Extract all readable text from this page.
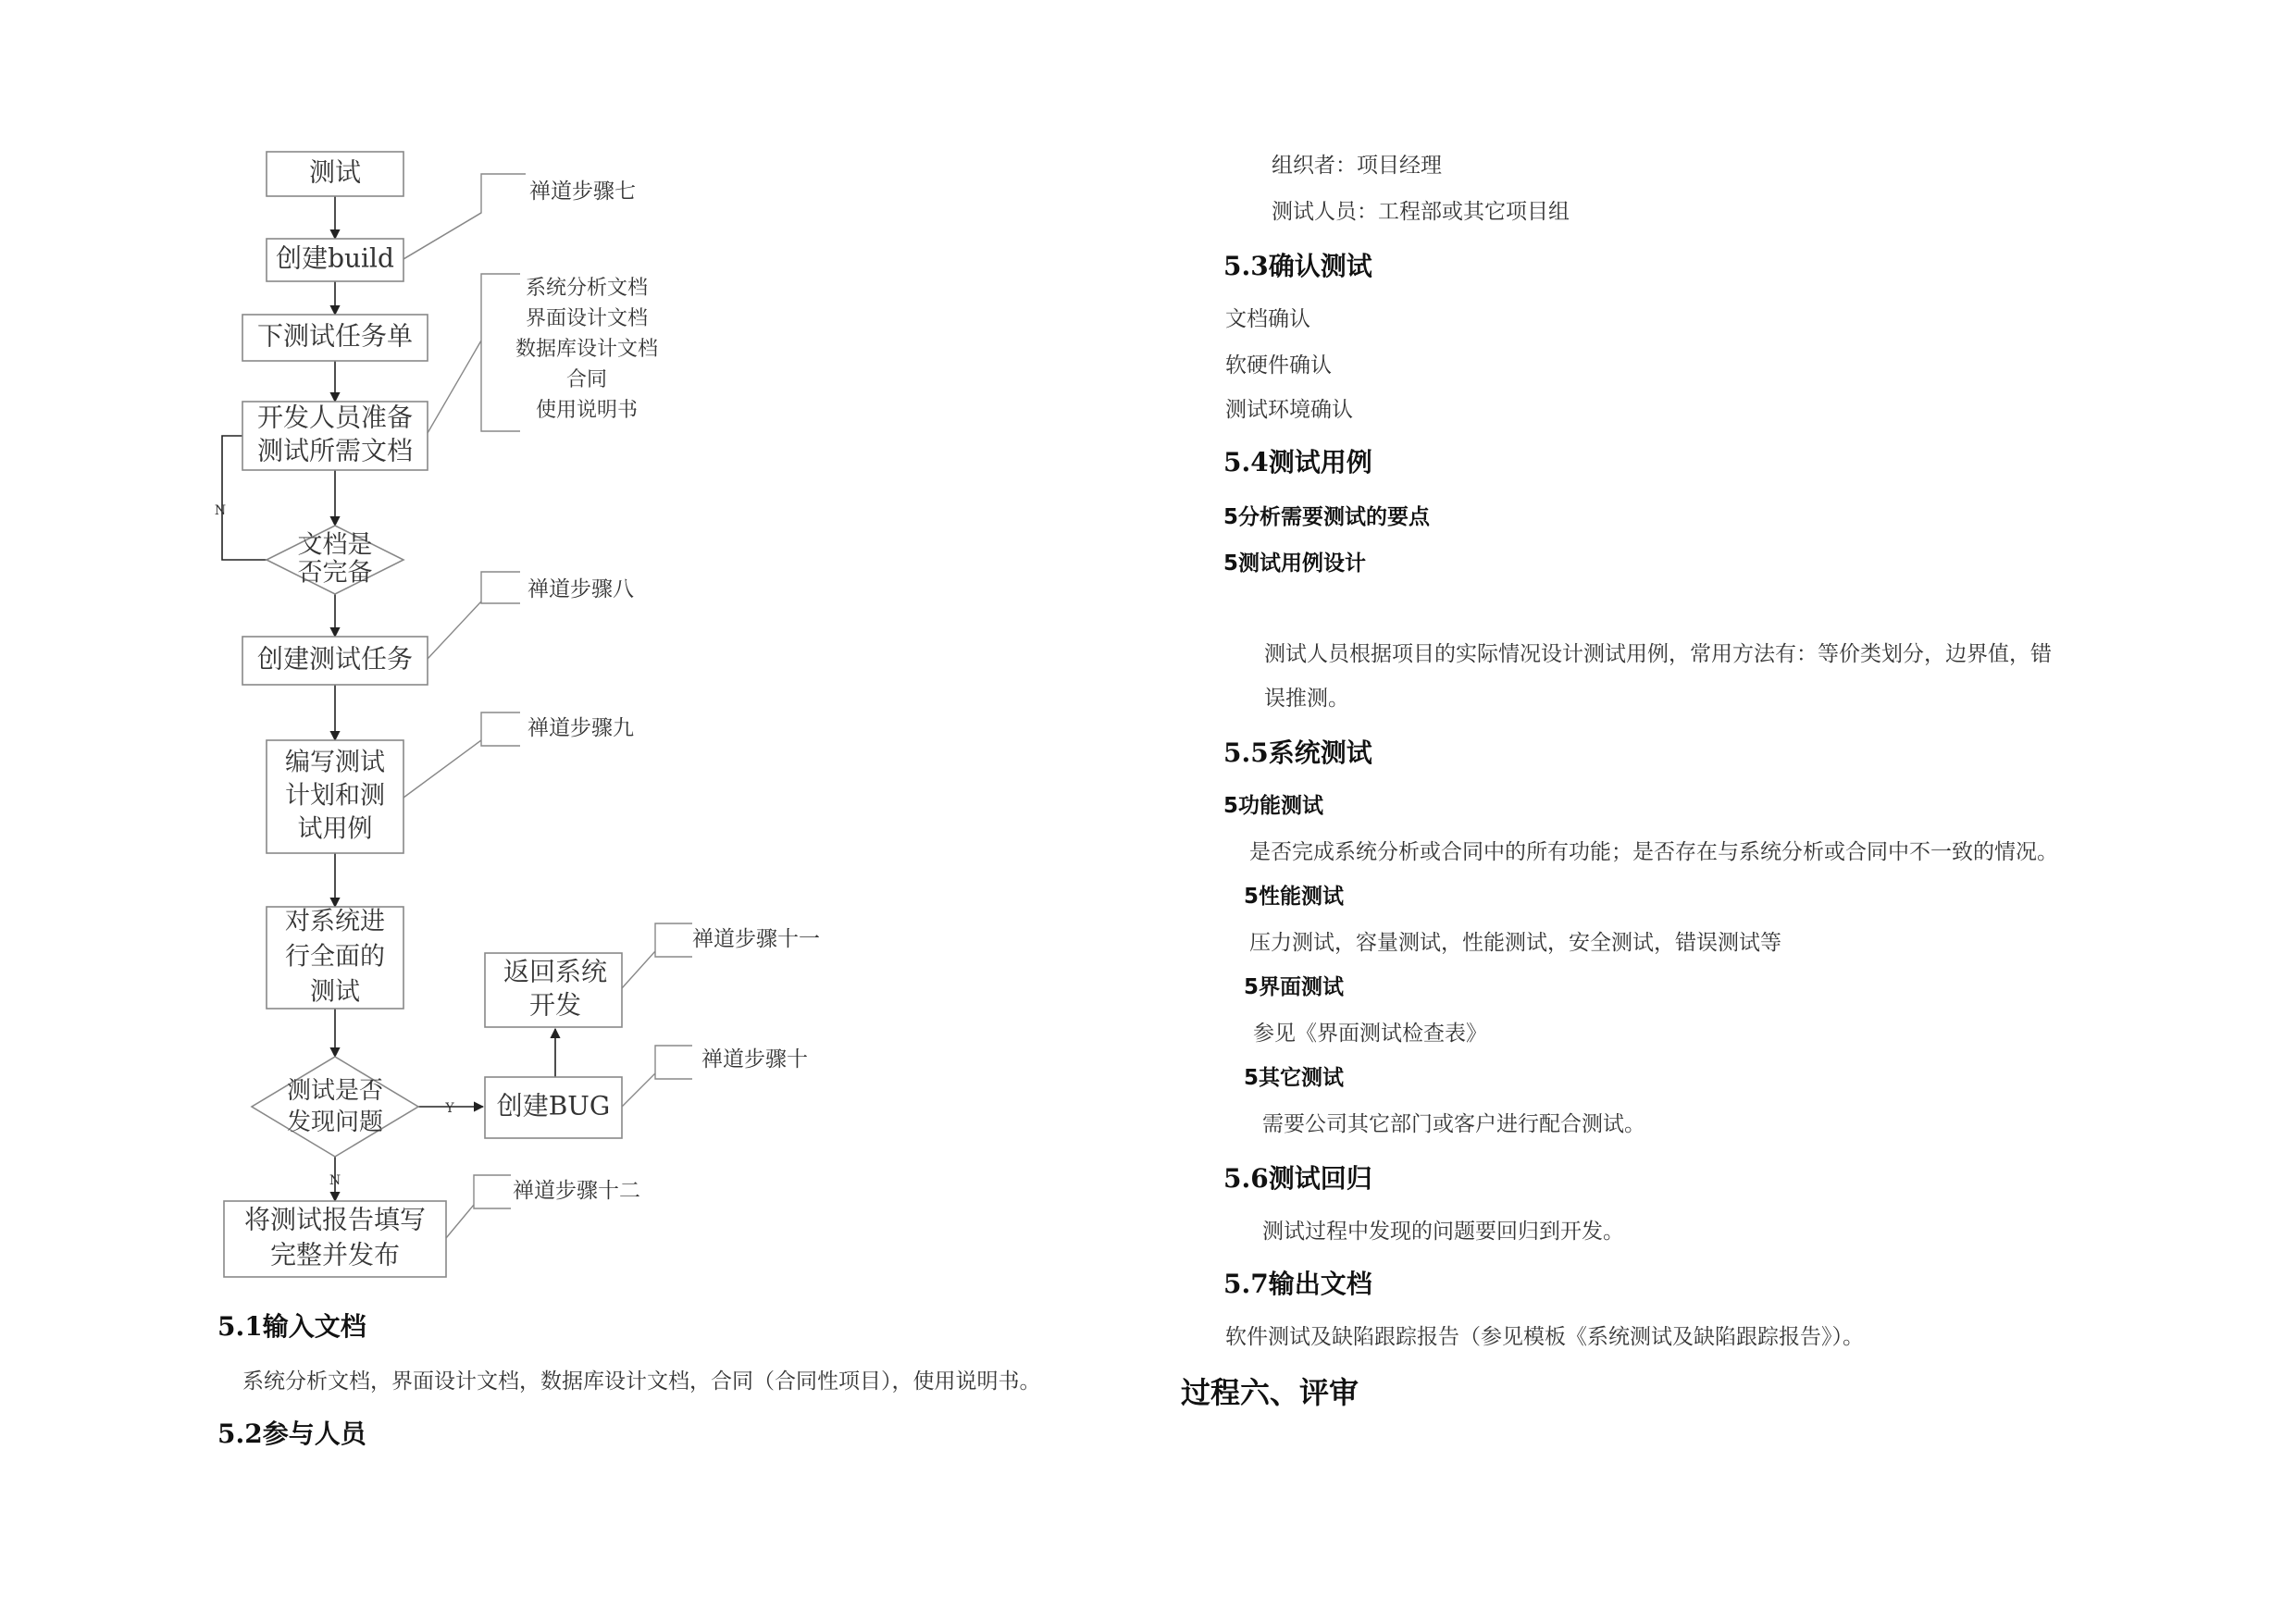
测试
创建build
下测试任务单
开发人员准备测试所需文档
文档是否完备
创建测试任务
编写测试计划和测试用例
对系统进行全面的测试
测试是否发现问题
创建BUG
返回系统开发
将测试报告填写完整并发布
禅道步骤七
系统分析文档界面设计文档数据库设计文档合同使用说明书
禅道步骤八
禅道步骤九
禅道步骤十一
禅道步骤十
禅道步骤十二
N
Y
N
5.1输入文档
系统分析文档，界面设计文档，数据库设计文档，合同（合同性项目），使用说明书。
5.2参与人员
组织者：项目经理
测试人员：工程部或其它项目组
5.3确认测试
文档确认
软硬件确认
测试环境确认
5.4测试用例
5分析需要测试的要点
5测试用例设计
测试人员根据项目的实际情况设计测试用例，常用方法有：等价类划分，边界值，错
误推测。
5.5系统测试
5功能测试
是否完成系统分析或合同中的所有功能；是否存在与系统分析或合同中不一致的情况。
5性能测试
压力测试，容量测试，性能测试，安全测试，错误测试等
5界面测试
参见《界面测试检查表》
5其它测试
需要公司其它部门或客户进行配合测试。
5.6测试回归
测试过程中发现的问题要回归到开发。
5.7输出文档
软件测试及缺陷跟踪报告（参见模板《系统测试及缺陷跟踪报告》）。
过程六、评审
